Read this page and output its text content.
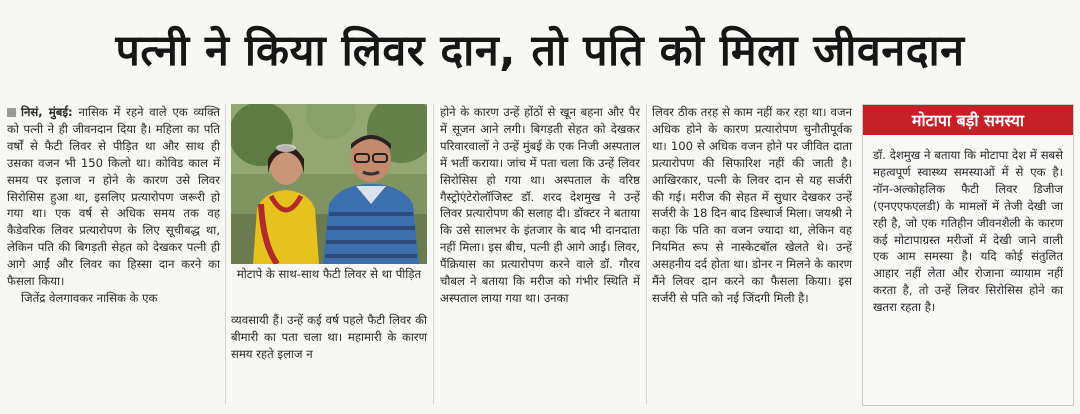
पत्नी ने किया लिवर दान, तो पति को मिला जीवनदान

निसं, मुंबई: नासिक में रहने वाले एक व्यक्ति को पत्नी ने ही जीवनदान दिया है। महिला का पति वर्षों से फैटी लिवर से पीड़ित था और साथ ही उसका वजन भी 150 किलो था। कोविड काल में समय पर इलाज न होने के कारण उसे लिवर सिरोसिस हुआ था, इसलिए प्रत्यारोपण जरूरी हो गया था। एक वर्ष से अधिक समय तक वह कैडेवरिक लिवर प्रत्यारोपण के लिए सूचीबद्ध था, लेकिन पति की बिगड़ती सेहत को देखकर पत्नी ही आगे आईं और लिवर का हिस्सा दान करने का फैसला किया।

जितेंद्र वेलगावकर नासिक के एक

मोटापे के साथ-साथ फैटी लिवर से था पीड़ित

व्यवसायी हैं। उन्हें कई वर्ष पहले फैटी लिवर की बीमारी का पता चला था। महामारी के कारण समय रहते इलाज न

होने के कारण उन्हें होंठों से खून बहना और पैर में सूजन आने लगी। बिगड़ती सेहत को देखकर परिवारवालों ने उन्हें मुंबई के एक निजी अस्पताल में भर्ती कराया। जांच में पता चला कि उन्हें लिवर सिरोसिस हो गया था। अस्पताल के वरिष्ठ गैस्ट्रोएंटेरोलॉजिस्ट डॉ. शरद देशमुख ने उन्हें लिवर प्रत्यारोपण की सलाह दी। डॉक्टर ने बताया कि उसे सालभर के इंतजार के बाद भी दानदाता नहीं मिला। इस बीच, पत्नी ही आगे आईं। लिवर, पैंक्रियास का प्रत्यारोपण करने वाले डॉ. गौरव चौबल ने बताया कि मरीज को गंभीर स्थिति में अस्पताल लाया गया था। उनका

लिवर ठीक तरह से काम नहीं कर रहा था। वजन अधिक होने के कारण प्रत्यारोपण चुनौतीपूर्वक था। 100 से अधिक वजन होने पर जीवित दाता प्रत्यारोपण की सिफारिश नहीं की जाती है। आखिरकार, पत्नी के लिवर दान से यह सर्जरी की गई। मरीज की सेहत में सुधार देखकर उन्हें सर्जरी के 18 दिन बाद डिस्चार्ज मिला। जयश्री ने कहा कि पति का वजन ज्यादा था, लेकिन वह नियमित रूप से नास्केटबॉल खेलते थे। उन्हें असहनीय दर्द होता था। डोनर न मिलने के कारण मैंने लिवर दान करने का फैसला किया। इस सर्जरी से पति को नई जिंदगी मिली है।

मोटापा बड़ी समस्या
डॉ. देशमुख ने बताया कि मोटापा देश में सबसे महत्वपूर्ण स्वास्थ्य समस्याओं में से एक है। नॉन-अल्कोहलिक फैटी लिवर डिजीज (एनएएफएलडी) के मामलों में तेजी देखी जा रही है, जो एक गतिहीन जीवनशैली के कारण कई मोटापाग्रस्त मरीजों में देखी जाने वाली एक आम समस्या है। यदि कोई संतुलित आहार नहीं लेता और रोजाना व्यायाम नहीं करता है, तो उन्हें लिवर सिरोसिस होने का खतरा रहता है।
